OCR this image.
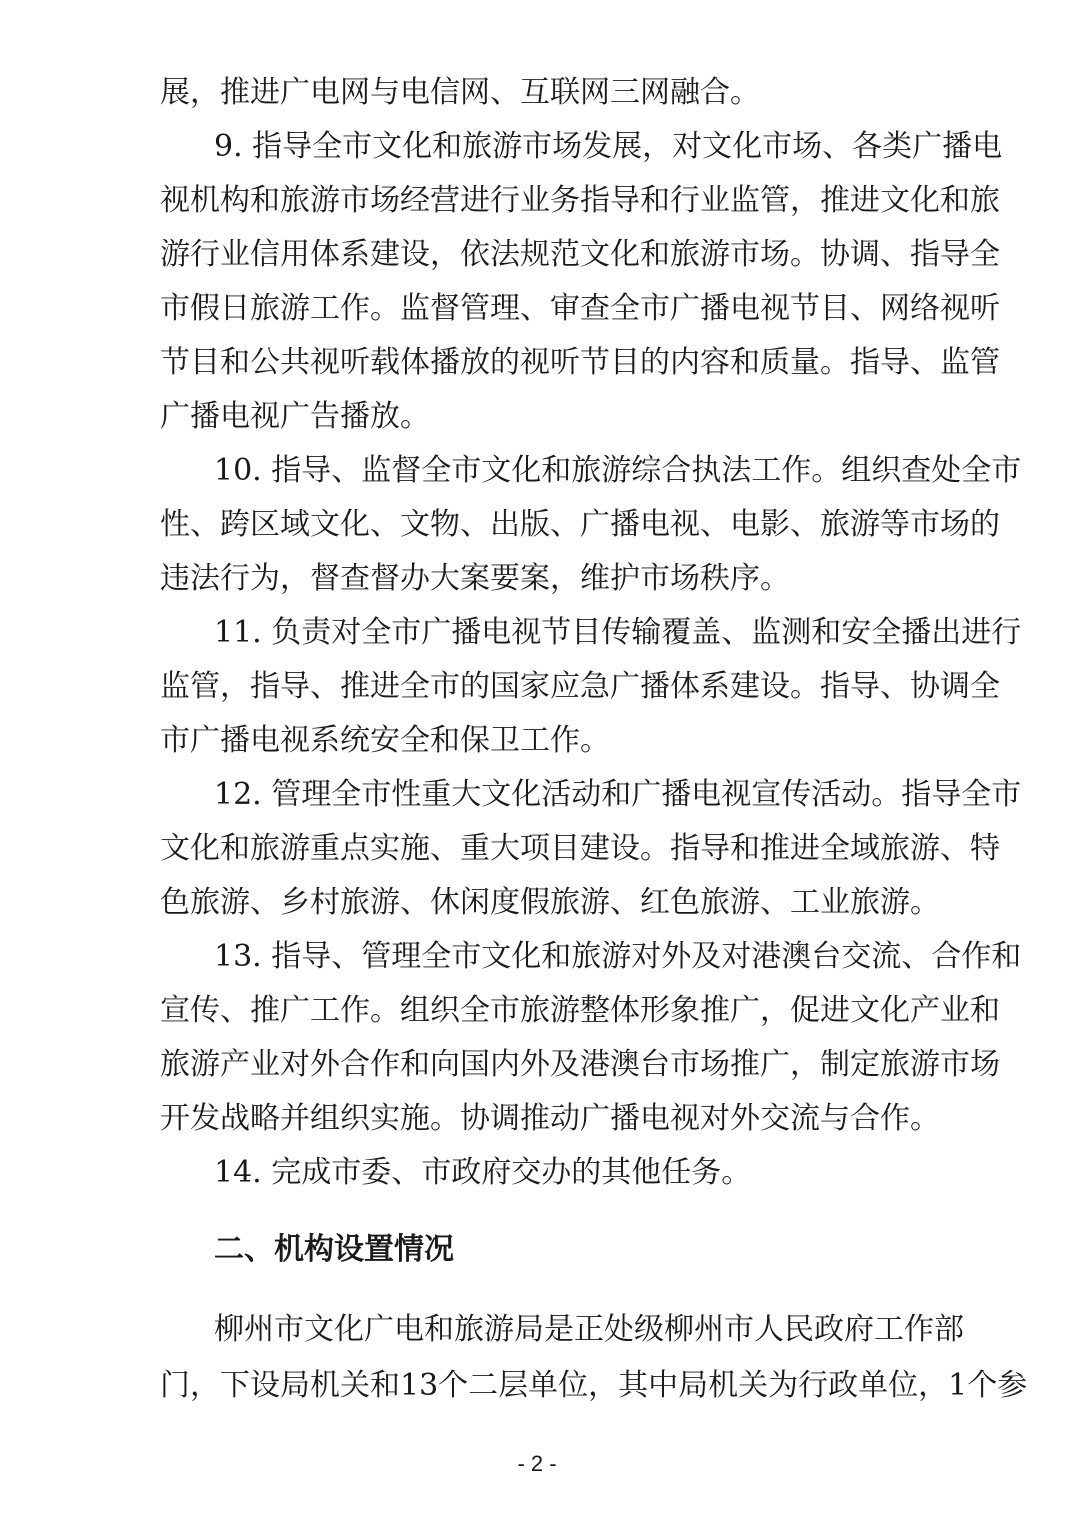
展，推进广电网与电信网、互联网三网融合。
9. 指导全市文化和旅游市场发展，对文化市场、各类广播电
视机构和旅游市场经营进行业务指导和行业监管，推进文化和旅
游行业信用体系建设，依法规范文化和旅游市场。协调、指导全
市假日旅游工作。监督管理、审查全市广播电视节目、网络视听
节目和公共视听载体播放的视听节目的内容和质量。指导、监管
广播电视广告播放。
10. 指导、监督全市文化和旅游综合执法工作。组织查处全市
性、跨区域文化、文物、出版、广播电视、电影、旅游等市场的
违法行为，督查督办大案要案，维护市场秩序。
11. 负责对全市广播电视节目传输覆盖、监测和安全播出进行
监管，指导、推进全市的国家应急广播体系建设。指导、协调全
市广播电视系统安全和保卫工作。
12. 管理全市性重大文化活动和广播电视宣传活动。指导全市
文化和旅游重点实施、重大项目建设。指导和推进全域旅游、特
色旅游、乡村旅游、休闲度假旅游、红色旅游、工业旅游。
13. 指导、管理全市文化和旅游对外及对港澳台交流、合作和
宣传、推广工作。组织全市旅游整体形象推广，促进文化产业和
旅游产业对外合作和向国内外及港澳台市场推广，制定旅游市场
开发战略并组织实施。协调推动广播电视对外交流与合作。
14. 完成市委、市政府交办的其他任务。
二、机构设置情况
柳州市文化广电和旅游局是正处级柳州市人民政府工作部
门，下设局机关和13个二层单位，其中局机关为行政单位，1个参
- 2 -
